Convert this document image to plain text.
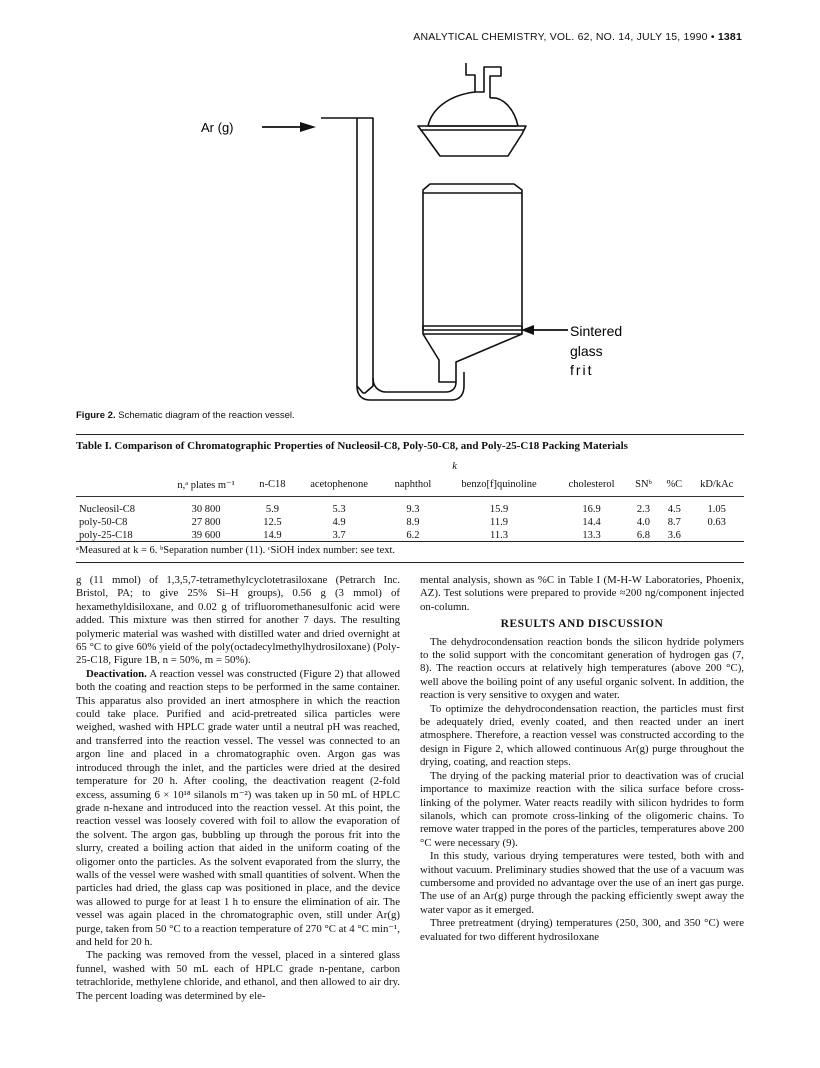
ANALYTICAL CHEMISTRY, VOL. 62, NO. 14, JULY 15, 1990 • 1381
Ar (g)
Sintered
glass
frit
Figure 2. Schematic diagram of the reaction vessel.
Table I. Comparison of Chromatographic Properties of Nucleosil-C8, Poly-50-C8, and Poly-25-C18 Packing Materials
		k							
	n,ᵃ plates m⁻¹	n-C18	acetophenone	naphthol	benzo[f]quinoline	cholesterol	SNᵇ	%C	kD/kAc

Nucleosil-C8	30 800	5.9	5.3	9.3	15.9	16.9	2.3	4.5	1.05
poly-50-C8	27 800	12.5	4.9	8.9	11.9	14.4	4.0	8.7	0.63
poly-25-C18	39 600	14.9	3.7	6.2	11.3	13.3	6.8	3.6	
ᵃMeasured at k = 6. ᵇSeparation number (11). ᶜSiOH index number: see text.

g (11 mmol) of 1,3,5,7-tetramethylcyclotetrasiloxane (Petrarch Inc. Bristol, PA; to give 25% Si–H groups), 0.56 g (3 mmol) of hexamethyldisiloxane, and 0.02 g of trifluoromethanesulfonic acid were added. This mixture was then stirred for another 7 days. The resulting polymeric material was washed with distilled water and dried overnight at 65 °C to give 60% yield of the poly(octadecylmethylhydrosiloxane) (Poly-25-C18, Figure 1B, n = 50%, m = 50%).

Deactivation. A reaction vessel was constructed (Figure 2) that allowed both the coating and reaction steps to be performed in the same container. This apparatus also provided an inert atmosphere in which the reaction could take place. Purified and acid-pretreated silica particles were weighed, washed with HPLC grade water until a neutral pH was reached, and transferred into the reaction vessel. The vessel was connected to an argon line and placed in a chromatographic oven. Argon gas was introduced through the inlet, and the particles were dried at the desired temperature for 20 h. After cooling, the deactivation reagent (2-fold excess, assuming 6 × 10¹⁸ silanols m⁻²) was taken up in 50 mL of HPLC grade n-hexane and introduced into the reaction vessel. At this point, the reaction vessel was loosely covered with foil to allow the evaporation of the solvent. The argon gas, bubbling up through the porous frit into the slurry, created a boiling action that aided in the uniform coating of the oligomer onto the particles. As the solvent evaporated from the slurry, the walls of the vessel were washed with small quantities of solvent. When the particles had dried, the glass cap was positioned in place, and the device was allowed to purge for at least 1 h to ensure the elimination of air. The vessel was again placed in the chromatographic oven, still under Ar(g) purge, taken from 50 °C to a reaction temperature of 270 °C at 4 °C min⁻¹, and held for 20 h.

The packing was removed from the vessel, placed in a sintered glass funnel, washed with 50 mL each of HPLC grade n-pentane, carbon tetrachloride, methylene chloride, and ethanol, and then allowed to air dry. The percent loading was determined by ele-

mental analysis, shown as %C in Table I (M-H-W Laboratories, Phoenix, AZ). Test solutions were prepared to provide ≈200 ng/component injected on-column.

RESULTS AND DISCUSSION

The dehydrocondensation reaction bonds the silicon hydride polymers to the solid support with the concomitant generation of hydrogen gas (7, 8). The reaction occurs at relatively high temperatures (above 200 °C), well above the boiling point of any useful organic solvent. In addition, the reaction is very sensitive to oxygen and water.

To optimize the dehydrocondensation reaction, the particles must first be adequately dried, evenly coated, and then reacted under an inert atmosphere. Therefore, a reaction vessel was constructed according to the design in Figure 2, which allowed continuous Ar(g) purge throughout the drying, coating, and reaction steps.

The drying of the packing material prior to deactivation was of crucial importance to maximize reaction with the silica surface before cross-linking of the polymer. Water reacts readily with silicon hydrides to form silanols, which can promote cross-linking of the oligomeric chains. To remove water trapped in the pores of the particles, temperatures above 200 °C were necessary (9).

In this study, various drying temperatures were tested, both with and without vacuum. Preliminary studies showed that the use of a vacuum was cumbersome and provided no advantage over the use of an inert gas purge. The use of an Ar(g) purge through the packing efficiently swept away the water vapor as it emerged.

Three pretreatment (drying) temperatures (250, 300, and 350 °C) were evaluated for two different hydrosiloxane
